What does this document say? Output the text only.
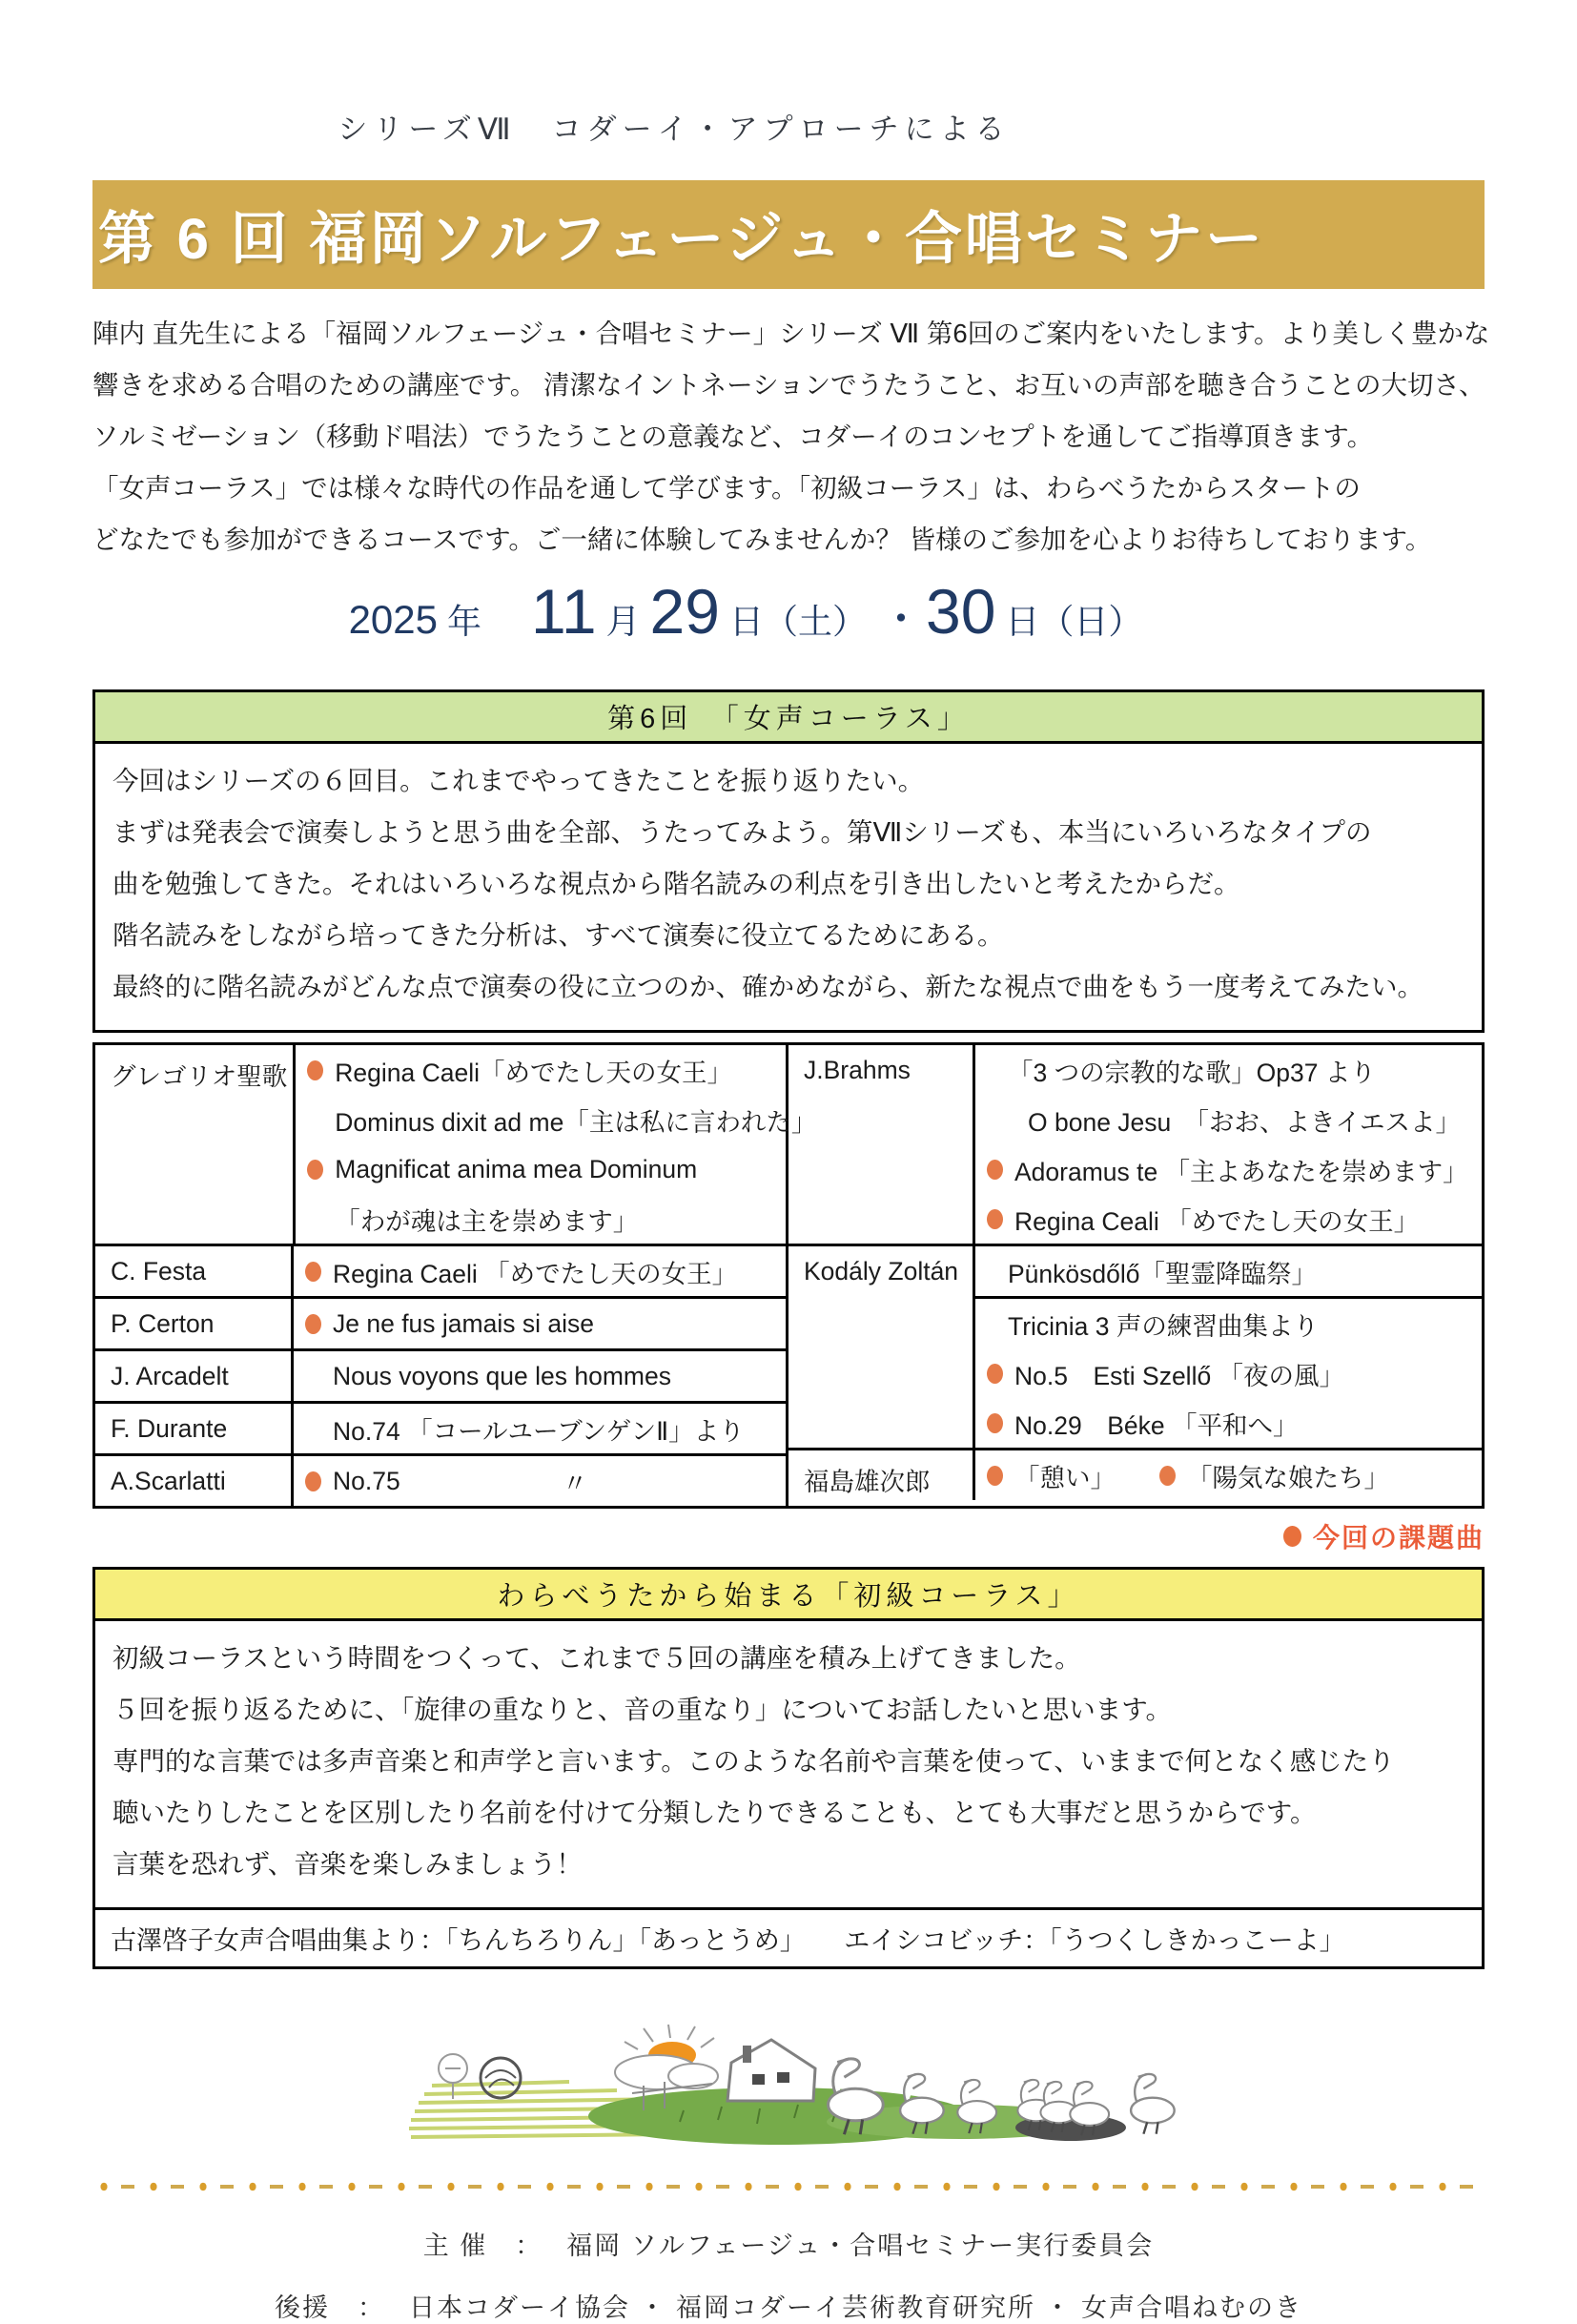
シリーズⅦ　コダーイ・アプローチによる
第 6 回 福岡ソルフェージュ・合唱セミナー
陣内 直先生による「福岡ソルフェージュ・合唱セミナー」シリーズ Ⅶ 第6回のご案内をいたします。より美しく豊かな
響きを求める合唱のための講座です。 清潔なイントネーションでうたうこと、お互いの声部を聴き合うことの大切さ、
ソルミゼーション（移動ド唱法）でうたうことの意義など、コダーイのコンセプトを通してご指導頂きます。
「女声コーラス」では様々な時代の作品を通して学びます。「初級コーラス」は、わらべうたからスタートの
どなたでも参加ができるコースです。ご一緒に体験してみませんか？ 皆様のご参加を心よりお待ちしております。
2025 年 11 月 29 日（土） ・ 30 日（日）
第6回　「女声コーラス」
今回はシリーズの６回目。これまでやってきたことを振り返りたい。
まずは発表会で演奏しようと思う曲を全部、うたってみよう。第Ⅶシリーズも、本当にいろいろなタイプの
曲を勉強してきた。それはいろいろな視点から階名読みの利点を引き出したいと考えたからだ。
階名読みをしながら培ってきた分析は、すべて演奏に役立てるためにある。
最終的に階名読みがどんな点で演奏の役に立つのか、確かめながら、新たな視点で曲をもう一度考えてみたい。
グレゴリオ聖歌	Regina Caeli「めでたし天の女王」
Dominus dixit ad me「主は私に言われた」
Magnificat anima mea Dominum
「わが魂は主を崇めます」
C. Festa	Regina Caeli 「めでたし天の女王」
P. Certon	Je ne fus jamais si aise
J. Arcadelt	Nous voyons que les hommes
F. Durante	No.74 「コールユーブンゲンⅡ」より
A.Scarlatti	No.75	〃
J.Brahms	「3 つの宗教的な歌」Op37 より
O bone Jesu　「おお、よきイエスよ」
Adoramus te 「主よあなたを崇めます」
Regina Ceali 「めでたし天の女王」
Kodály Zoltán	Pünkösdőlő「聖霊降臨祭」
Tricinia 3 声の練習曲集より
No.5　Esti Szellő 「夜の風」
No.29　Béke 「平和へ」
福島雄次郎	「憩い」	「陽気な娘たち」
今回の課題曲
わらべうたから始まる「初級コーラス」
初級コーラスという時間をつくって、これまで５回の講座を積み上げてきました。
５回を振り返るために、「旋律の重なりと、音の重なり」についてお話したいと思います。
専門的な言葉では多声音楽と和声学と言います。このような名前や言葉を使って、いままで何となく感じたり
聴いたりしたことを区別したり名前を付けて分類したりできることも、とても大事だと思うからです。
言葉を恐れず、音楽を楽しみましょう！
古澤啓子女声合唱曲集より：「ちんちろりん」「あっとうめ」　　エイシコビッチ：「うつくしきかっこーよ」
主 催　：　 福岡 ソルフェージュ・合唱セミナー実行委員会
後援　：　 日本コダーイ協会 ・ 福岡コダーイ芸術教育研究所 ・ 女声合唱ねむのき
